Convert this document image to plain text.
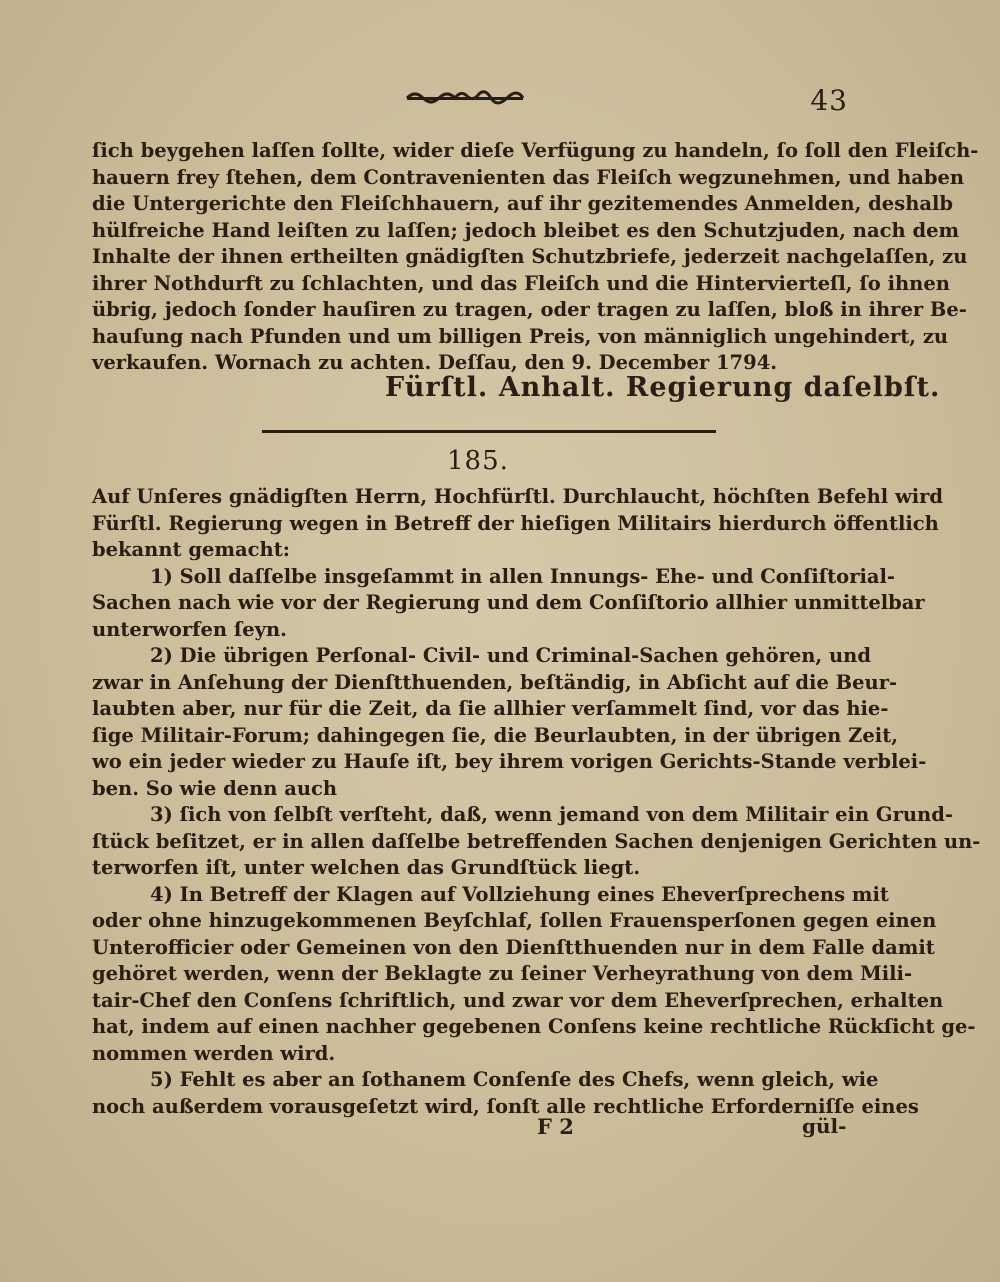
43
ſich beygehen laſſen ſollte, wider dieſe Verfügung zu handeln, ſo ſoll den Fleiſch-
hauern frey ſtehen, dem Contravenienten das Fleiſch wegzunehmen, und haben
die Untergerichte den Fleiſchhauern, auf ihr gezitemendes Anmelden, deshalb
hülfreiche Hand leiſten zu laſſen; jedoch bleibet es den Schutzjuden, nach dem
Inhalte der ihnen ertheilten gnädigſten Schutzbriefe, jederzeit nachgelaſſen, zu
ihrer Nothdurft zu ſchlachten, und das Fleiſch und die Hintervierteſl, ſo ihnen
übrig, jedoch ſonder hauſiren zu tragen, oder tragen zu laſſen, bloß in ihrer Be-
hauſung nach Pfunden und um billigen Preis, von männiglich ungehindert, zu
verkaufen. Wornach zu achten. Deſſau, den 9. December 1794.
Fürſtl. Anhalt. Regierung daſelbſt.
185.
Auf Unſeres gnädigſten Herrn, Hochfürſtl. Durchlaucht, höchſten Befehl wird
Fürſtl. Regierung wegen in Betreff der hieſigen Militairs hierdurch öffentlich
bekannt gemacht:
1) Soll daſſelbe insgeſammt in allen Innungs- Ehe- und Conſiſtorial-
Sachen nach wie vor der Regierung und dem Conſiſtorio allhier unmittelbar
unterworfen ſeyn.
2) Die übrigen Perſonal- Civil- und Criminal-Sachen gehören, und
zwar in Anſehung der Dienſtthuenden, beſtändig, in Abſicht auf die Beur-
laubten aber, nur für die Zeit, da ſie allhier verſammelt ſind, vor das hie-
ſige Militair-Forum; dahingegen ſie, die Beurlaubten, in der übrigen Zeit,
wo ein jeder wieder zu Hauſe iſt, bey ihrem vorigen Gerichts-Stande verblei-
ben. So wie denn auch
3) ſich von ſelbſt verſteht, daß, wenn jemand von dem Militair ein Grund-
ſtück beſitzet, er in allen daſſelbe betreffenden Sachen denjenigen Gerichten un-
terworfen iſt, unter welchen das Grundſtück liegt.
4) In Betreff der Klagen auf Vollziehung eines Eheverſprechens mit
oder ohne hinzugekommenen Beyſchlaf, ſollen Frauensperſonen gegen einen
Unterofficier oder Gemeinen von den Dienſtthuenden nur in dem Falle damit
gehöret werden, wenn der Beklagte zu ſeiner Verheyrathung von dem Mili-
tair-Chef den Conſens ſchriftlich, und zwar vor dem Eheverſprechen, erhalten
hat, indem auf einen nachher gegebenen Conſens keine rechtliche Rückſicht ge-
nommen werden wird.
5) Fehlt es aber an ſothanem Conſenſe des Chefs, wenn gleich, wie
noch außerdem vorausgeſetzt wird, ſonſt alle rechtliche Erforderniſſe eines
F 2	gül-
